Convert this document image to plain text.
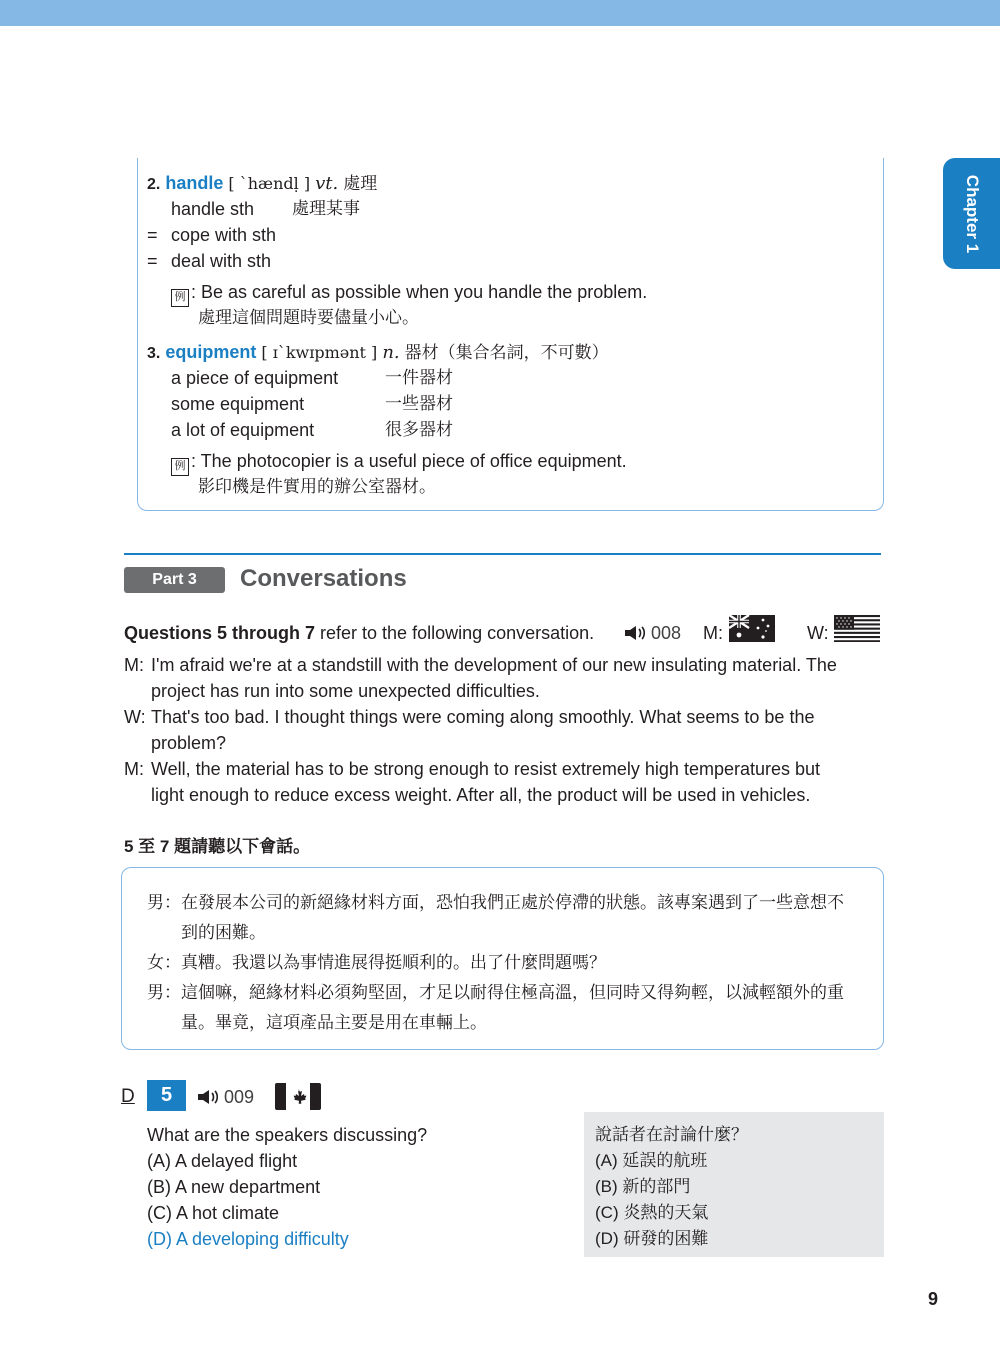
Chapter 1
2. handle [ ˋhændḷ ] vt. 處理
handle sth 處理某事
= cope with sth
= deal with sth
例 : Be as careful as possible when you handle the problem.
處理這個問題時要儘量小心。
3. equipment [ ɪˋkwɪpmənt ] n. 器材（集合名詞，不可數）
a piece of equipment	一件器材
some equipment	一些器材
a lot of equipment	很多器材
例 : The photocopier is a useful piece of office equipment.
影印機是件實用的辦公室器材。
Part 3	Conversations
Questions 5 through 7 refer to the following conversation.	008 M:	W:
M: I'm afraid we're at a standstill with the development of our new insulating material. The
project has run into some unexpected difficulties.
W: That's too bad. I thought things were coming along smoothly. What seems to be the
problem?
M: Well, the material has to be strong enough to resist extremely high temperatures but
light enough to reduce excess weight. After all, the product will be used in vehicles.
5 至 7 題請聽以下會話。
男：在發展本公司的新絕緣材料方面，恐怕我們正處於停滯的狀態。該專案遇到了一些意想不
到的困難。
女：真糟。我還以為事情進展得挺順利的。出了什麼問題嗎？
男：這個嘛，絕緣材料必須夠堅固，才足以耐得住極高溫，但同時又得夠輕，以減輕額外的重
量。畢竟，這項產品主要是用在車輛上。
D	5	009
What are the speakers discussing?
(A) A delayed flight
(B) A new department
(C) A hot climate
(D) A developing difficulty
說話者在討論什麼？
(A) 延誤的航班
(B) 新的部門
(C) 炎熱的天氣
(D) 研發的困難
9
